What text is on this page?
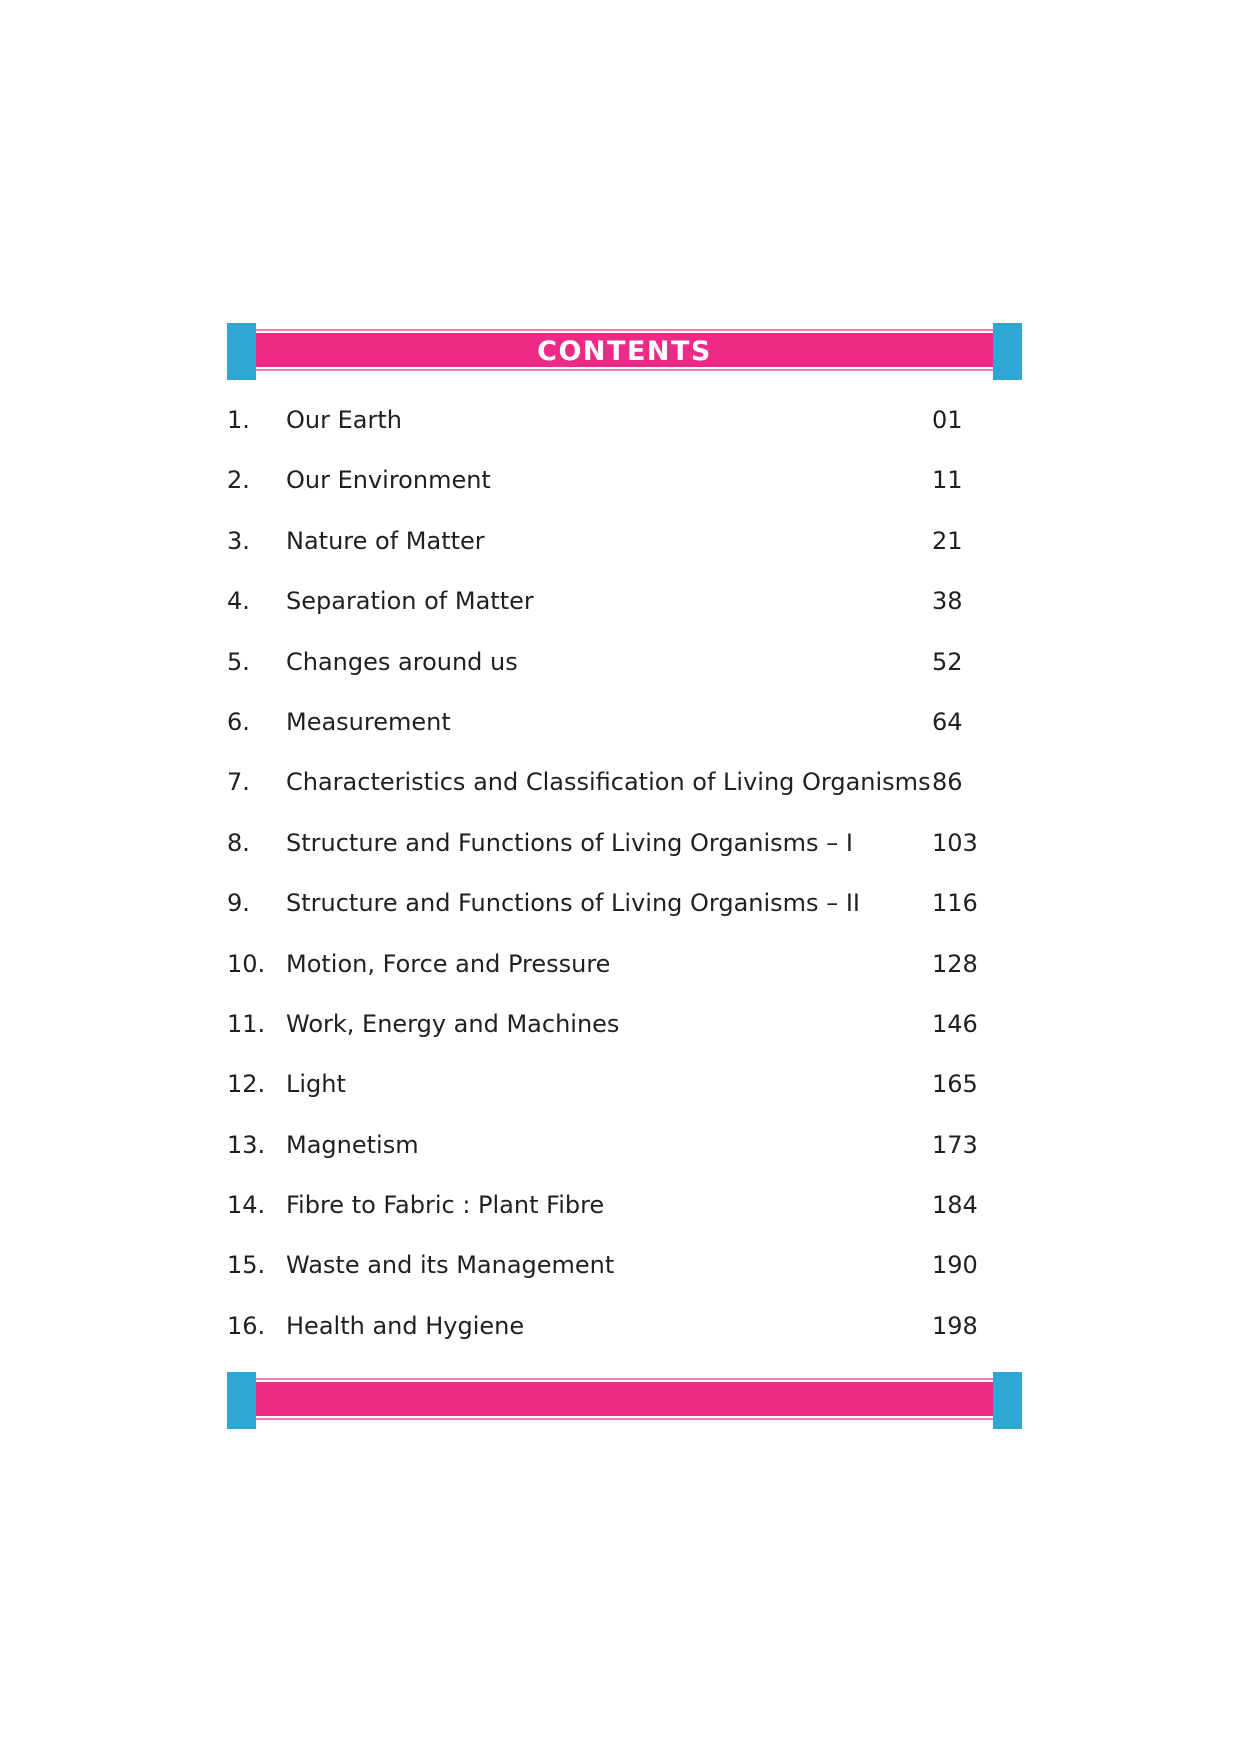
CONTENTS
1. Our Earth	01
2. Our Environment	11
3. Nature of Matter	21
4. Separation of Matter	38
5. Changes around us	52
6. Measurement	64
7. Characteristics and Classification of Living Organisms 86
8. Structure and Functions of Living Organisms – I	103
9. Structure and Functions of Living Organisms – II	116
10. Motion, Force and Pressure	128
11. Work, Energy and Machines	146
12. Light	165
13. Magnetism	173
14. Fibre to Fabric : Plant Fibre	184
15. Waste and its Management	190
16. Health and Hygiene	198
